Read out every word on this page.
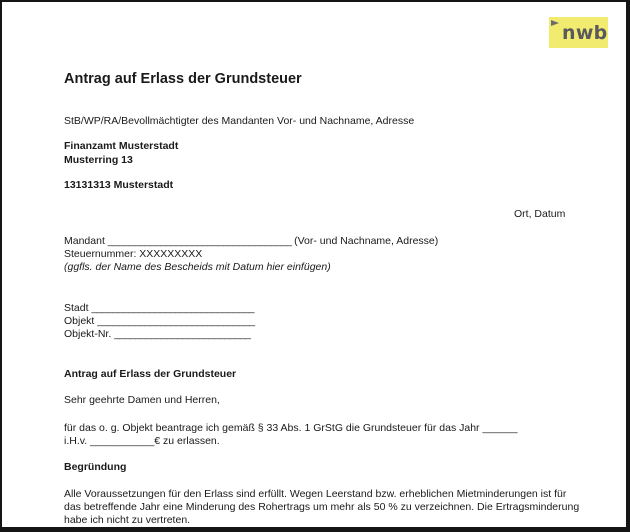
nwb
Antrag auf Erlass der Grundsteuer
StB/WP/RA/Bevollmächtigter des Mandanten Vor- und Nachname, Adresse
Finanzamt Musterstadt
Musterring 13
13131313 Musterstadt
Ort, Datum
Mandant ___________________________________ (Vor- und Nachname, Adresse)
Steuernummer: XXXXXXXXX
(ggfls. der Name des Bescheids mit Datum hier einfügen)
Stadt _______________________________
Objekt ______________________________
Objekt-Nr. __________________________
Antrag auf Erlass der Grundsteuer
Sehr geehrte Damen und Herren,
für das o. g. Objekt beantrage ich gemäß § 33 Abs. 1 GrStG die Grundsteuer für das Jahr ______
i.H.v. ___________€ zu erlassen.
Begründung
Alle Voraussetzungen für den Erlass sind erfüllt. Wegen Leerstand bzw. erheblichen Mietminderungen ist für
das betreffende Jahr eine Minderung des Rohertrags um mehr als 50 % zu verzeichnen. Die Ertragsminderung
habe ich nicht zu vertreten.
